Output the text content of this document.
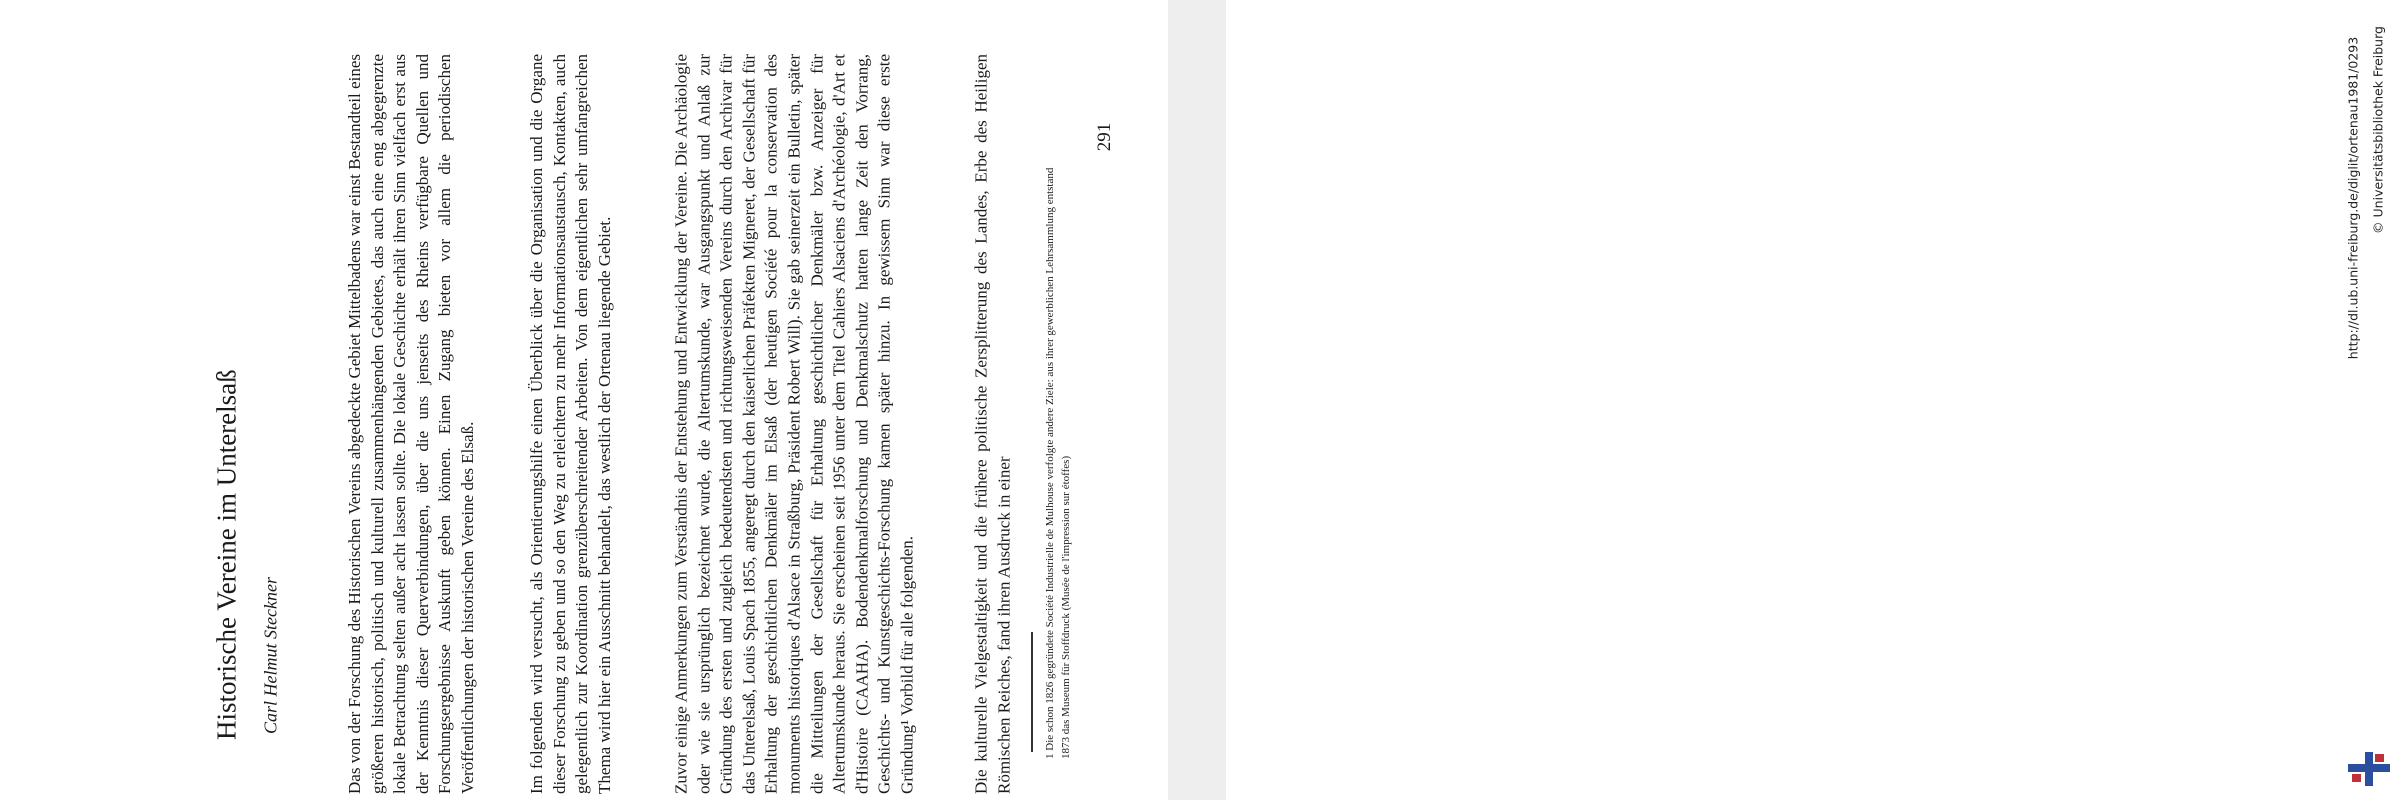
Historische Vereine im Unterelsaß Carl Helmut Steckner	Das von der Forschung des Historischen Vereins abgedeckte Gebiet Mittelbadens war einst Bestandteil eines größeren historisch, politisch und kulturell zusammenhängenden Gebietes, das auch eine eng abgegrenzte lokale Betrachtung selten außer acht lassen sollte. Die lokale Geschichte erhält ihren Sinn vielfach erst aus der Kenntnis dieser Querverbindungen, über die uns jenseits des Rheins verfügbare Quellen und Forschungsergebnisse Auskunft geben können. Einen Zugang bieten vor allem die periodischen Veröffentlichungen der historischen Vereine des Elsaß.	Im folgenden wird versucht, als Orientierungshilfe einen Überblick über die Organisation und die Organe dieser Forschung zu geben und so den Weg zu erleichtern zu mehr Informationsaustausch, Kontakten, auch gelegentlich zur Koordination grenzüberschreitender Arbeiten. Von dem eigentlichen sehr umfangreichen Thema wird hier ein Ausschnitt behandelt, das westlich der Ortenau liegende Gebiet.	Zuvor einige Anmerkungen zum Verständnis der Entstehung und Entwicklung der Vereine. Die Archäologie oder wie sie ursprünglich bezeichnet wurde, die Altertumskunde, war Ausgangspunkt und Anlaß zur Gründung des ersten und zugleich bedeutendsten und richtungsweisenden Vereins durch den Archivar für das Unterelsaß, Louis Spach 1855, angeregt durch den kaiserlichen Präfekten Migneret, der Gesellschaft für Erhaltung der geschichtlichen Denkmäler im Elsaß (der heutigen Société pour la conservation des monuments historiques d'Alsace in Straßburg, Präsident Robert Will). Sie gab seinerzeit ein Bulletin, später die Mitteilungen der Gesellschaft für Erhaltung geschichtlicher Denkmäler bzw. Anzeiger für Altertumskunde heraus. Sie erscheinen seit 1956 unter dem Titel Cahiers Alsaciens d'Archéologie, d'Art et d'Histoire (CAAHA). Bodendenkmalforschung und Denkmalschutz hatten lange Zeit den Vorrang, Geschichts- und Kunstgeschichts-Forschung kamen später hinzu. In gewissem Sinn war diese erste Gründung¹ Vorbild für alle folgenden.	Die kulturelle Vielgestaltigkeit und die frühere politische Zersplitterung des Landes, Erbe des Heiligen Römischen Reiches, fand ihren Ausdruck in einer	1 Die schon 1826 gegründete Société Industrielle de Mulhouse verfolgte andere Ziele: aus ihrer gewerblichen Lehrsammlung entstand 1873 das Museum für Stoffdruck (Musée de l'impression sur étoffes)
291	http://dl.ub.uni-freiburg.de/diglit/ortenau1981/0293 © Universitätsbibliothek Freiburg
